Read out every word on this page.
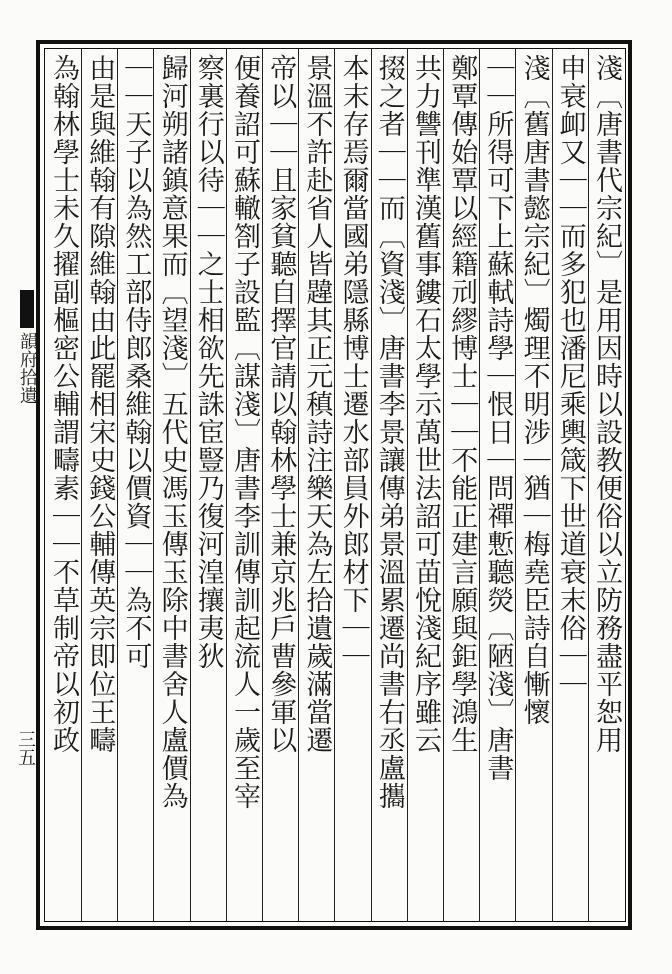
韻府拾遺
三五	淺〔唐書代宗紀〕是用因時以設教便俗以立防務盡平恕用
申衰卹又｜｜而多犯也潘尼乘輿箴下世道衰末俗｜｜
淺〔舊唐書懿宗紀〕燭理不明涉｜猶｜梅堯臣詩自慚懷
｜｜所得可下上蘇軾詩學｜恨日｜問禪慙聽熒〔陋淺〕唐書
鄭覃傳始覃以經籍刓繆博士｜｜不能正建言願與鉅學鴻生
共力讐刊準漢舊事鏤石太學示萬世法詔可苗悅淺紀序雖云
掇之者｜｜而〔資淺〕唐書李景讓傳弟景溫累遷尚書右丞盧攜
本末存焉爾當國弟隱縣博士遷水部員外郎材下｜｜
景溫不許赴省人皆韙其正元稹詩注樂天為左拾遺歲滿當遷
帝以｜｜且家貧聽自擇官請以翰林學士兼京兆戶曹參軍以
便養詔可蘇轍劄子設監〔謀淺〕唐書李訓傳訓起流人一歲至宰
察裏行以待｜｜之士相欲先誅宦豎乃復河湟攘夷狄
歸河朔諸鎮意果而〔望淺〕五代史馮玉傳玉除中書舍人盧價為
｜｜天子以為然工部侍郎桑維翰以價資｜｜為不可
由是與維翰有隙維翰由此罷相宋史錢公輔傳英宗即位王疇
為翰林學士未久擢副樞密公輔謂疇素｜｜不草制帝以初政
